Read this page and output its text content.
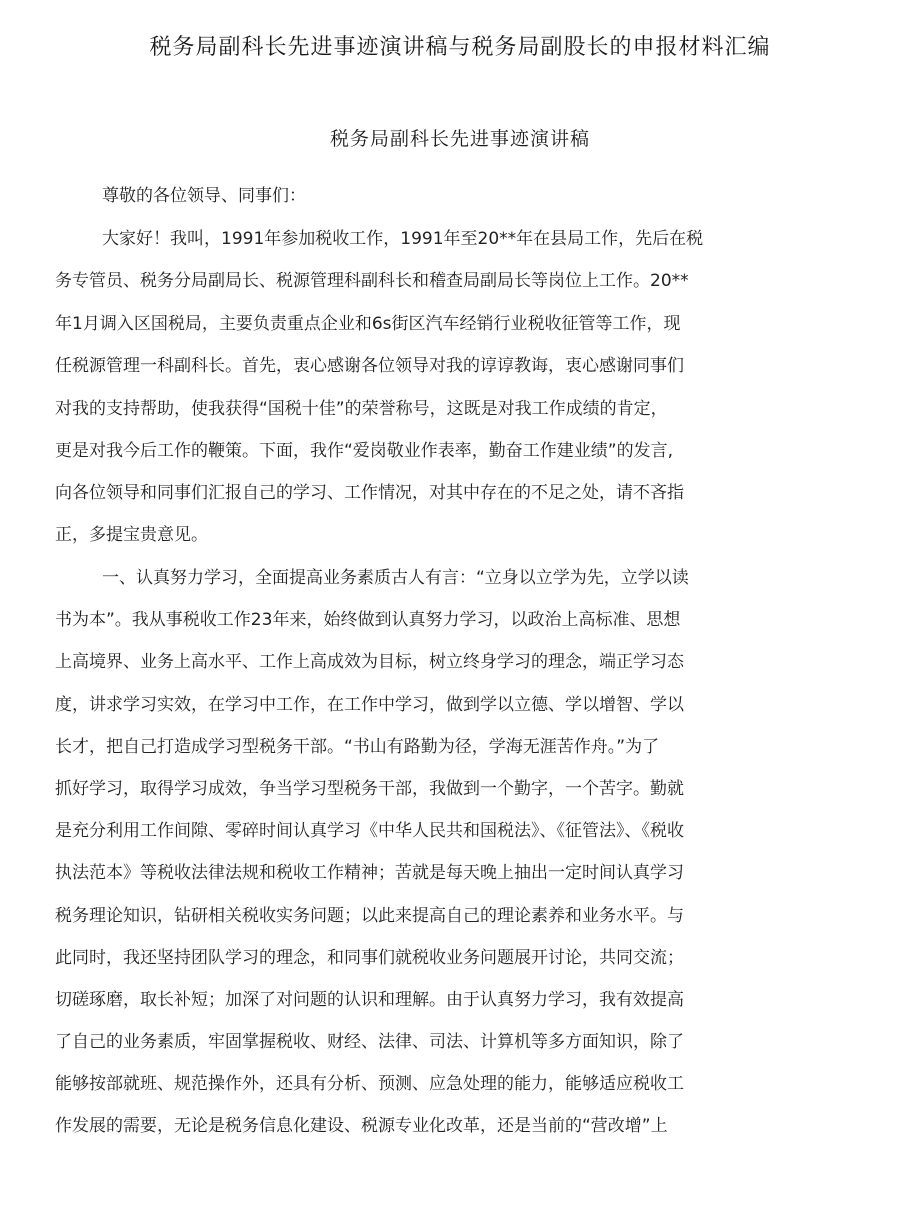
税务局副科长先进事迹演讲稿与税务局副股长的申报材料汇编
税务局副科长先进事迹演讲稿

尊敬的各位领导、同事们：

大家好！我叫，1991年参加税收工作，1991年至20**年在县局工作，先后在税

务专管员、税务分局副局长、税源管理科副科长和稽查局副局长等岗位上工作。20**

年1月调入区国税局，主要负责重点企业和6s街区汽车经销行业税收征管等工作，现

任税源管理一科副科长。首先，衷心感谢各位领导对我的谆谆教诲，衷心感谢同事们

对我的支持帮助，使我获得“国税十佳”的荣誉称号，这既是对我工作成绩的肯定，

更是对我今后工作的鞭策。下面，我作“爱岗敬业作表率，勤奋工作建业绩”的发言,

向各位领导和同事们汇报自己的学习、工作情况，对其中存在的不足之处，请不吝指

正，多提宝贵意见。

一、认真努力学习，全面提高业务素质古人有言：“立身以立学为先，立学以读

书为本”。我从事税收工作23年来，始终做到认真努力学习，以政治上高标准、思想

上高境界、业务上高水平、工作上高成效为目标，树立终身学习的理念，端正学习态

度，讲求学习实效，在学习中工作，在工作中学习，做到学以立德、学以增智、学以

长才，把自己打造成学习型税务干部。“书山有路勤为径，学海无涯苦作舟。”为了

抓好学习，取得学习成效，争当学习型税务干部，我做到一个勤字，一个苦字。勤就

是充分利用工作间隙、零碎时间认真学习《中华人民共和国税法》、《征管法》、《税收

执法范本》等税收法律法规和税收工作精神；苦就是每天晚上抽出一定时间认真学习

税务理论知识，钻研相关税收实务问题；以此来提高自己的理论素养和业务水平。与

此同时，我还坚持团队学习的理念，和同事们就税收业务问题展开讨论，共同交流；

切磋琢磨，取长补短；加深了对问题的认识和理解。由于认真努力学习，我有效提高

了自己的业务素质，牢固掌握税收、财经、法律、司法、计算机等多方面知识，除了

能够按部就班、规范操作外，还具有分析、预测、应急处理的能力，能够适应税收工

作发展的需要，无论是税务信息化建设、税源专业化改革，还是当前的“营改增”上
